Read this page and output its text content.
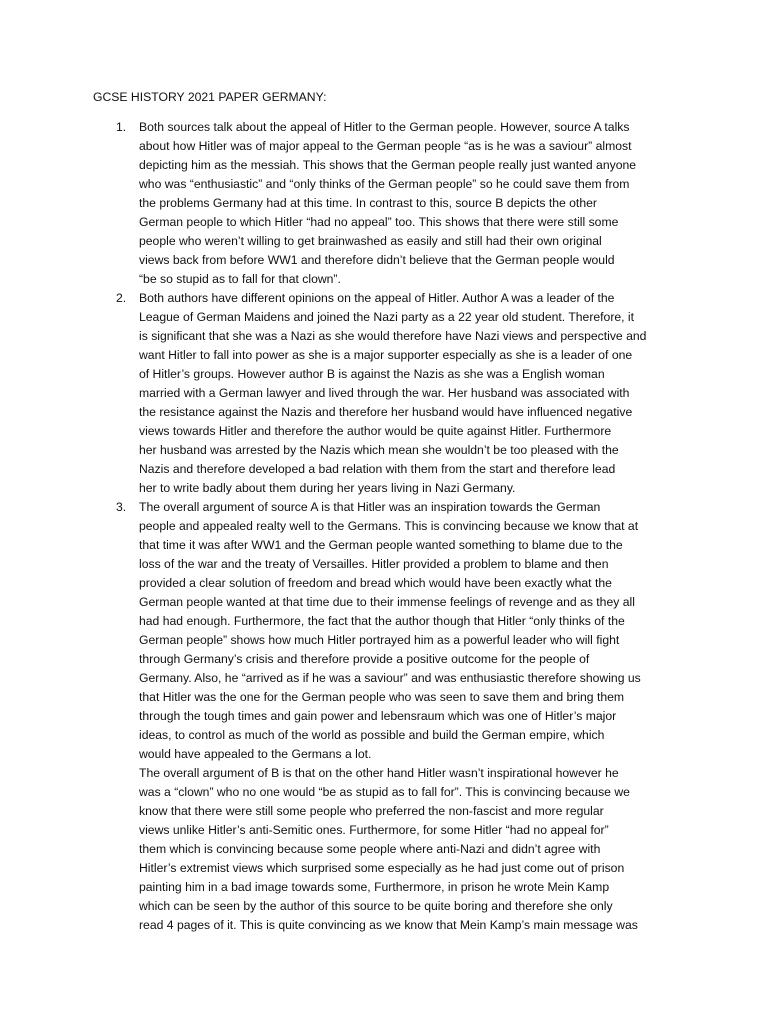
GCSE HISTORY 2021 PAPER GERMANY:
1.	Both sources talk about the appeal of Hitler to the German people. However, source A talks
about how Hitler was of major appeal to the German people “as is he was a saviour” almost
depicting him as the messiah. This shows that the German people really just wanted anyone
who was “enthusiastic” and “only thinks of the German people” so he could save them from
the problems Germany had at this time. In contrast to this, source B depicts the other
German people to which Hitler “had no appeal” too. This shows that there were still some
people who weren’t willing to get brainwashed as easily and still had their own original
views back from before WW1 and therefore didn’t believe that the German people would
“be so stupid as to fall for that clown”.
2.	Both authors have different opinions on the appeal of Hitler. Author A was a leader of the
League of German Maidens and joined the Nazi party as a 22 year old student. Therefore, it
is significant that she was a Nazi as she would therefore have Nazi views and perspective and
want Hitler to fall into power as she is a major supporter especially as she is a leader of one
of Hitler’s groups. However author B is against the Nazis as she was a English woman
married with a German lawyer and lived through the war. Her husband was associated with
the resistance against the Nazis and therefore her husband would have influenced negative
views towards Hitler and therefore the author would be quite against Hitler. Furthermore
her husband was arrested by the Nazis which mean she wouldn’t be too pleased with the
Nazis and therefore developed a bad relation with them from the start and therefore lead
her to write badly about them during her years living in Nazi Germany.
3.	The overall argument of source A is that Hitler was an inspiration towards the German
people and appealed realty well to the Germans. This is convincing because we know that at
that time it was after WW1 and the German people wanted something to blame due to the
loss of the war and the treaty of Versailles. Hitler provided a problem to blame and then
provided a clear solution of freedom and bread which would have been exactly what the
German people wanted at that time due to their immense feelings of revenge and as they all
had had enough. Furthermore, the fact that the author though that Hitler “only thinks of the
German people” shows how much Hitler portrayed him as a powerful leader who will fight
through Germany’s crisis and therefore provide a positive outcome for the people of
Germany. Also, he “arrived as if he was a saviour” and was enthusiastic therefore showing us
that Hitler was the one for the German people who was seen to save them and bring them
through the tough times and gain power and lebensraum which was one of Hitler’s major
ideas, to control as much of the world as possible and build the German empire, which
would have appealed to the Germans a lot.
The overall argument of B is that on the other hand Hitler wasn’t inspirational however he
was a “clown” who no one would “be as stupid as to fall for”. This is convincing because we
know that there were still some people who preferred the non-fascist and more regular
views unlike Hitler’s anti-Semitic ones. Furthermore, for some Hitler “had no appeal for”
them which is convincing because some people where anti-Nazi and didn’t agree with
Hitler’s extremist views which surprised some especially as he had just come out of prison
painting him in a bad image towards some, Furthermore, in prison he wrote Mein Kamp
which can be seen by the author of this source to be quite boring and therefore she only
read 4 pages of it. This is quite convincing as we know that Mein Kamp’s main message was
